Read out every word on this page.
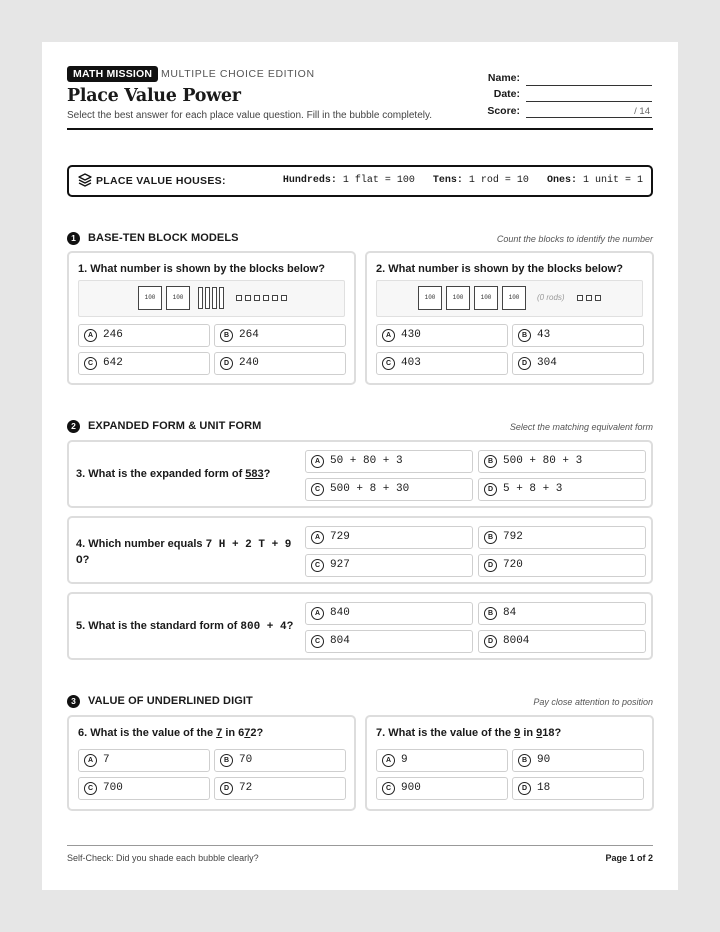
MATH MISSION MULTIPLE CHOICE EDITION
Place Value Power
Select the best answer for each place value question. Fill in the bubble completely.
Name:
Date:
Score:	/ 14
PLACE VALUE HOUSES:	Hundreds: 1 flat = 100 Tens: 1 rod = 10 Ones: 1 unit = 1
1	BASE-TEN BLOCK MODELS	Count the blocks to identify the number
1. What number is shown by the blocks below?
100	100
A 246	B 264
C 642	D 240
2. What number is shown by the blocks below?
100	100	100	100	(0 rods)
A 430	B 43
C 403	D 304
2	EXPANDED FORM & UNIT FORM	Select the matching equivalent form
3. What is the expanded form of 583?
A 50 + 80 + 3	B 500 + 80 + 3
C 500 + 8 + 30	D 5 + 8 + 3
4. Which number equals 7 H + 2 T + 9
O?
A 729	B 792
C 927	D 720
5. What is the standard form of 800 + 4?
A 840	B 84
C 804	D 8004
3	VALUE OF UNDERLINED DIGIT	Pay close attention to position
6. What is the value of the 7 in 672?
A 7	B 70
C 700	D 72
7. What is the value of the 9 in 918?
A 9	B 90
C 900	D 18
Self-Check: Did you shade each bubble clearly?	Page 1 of 2
